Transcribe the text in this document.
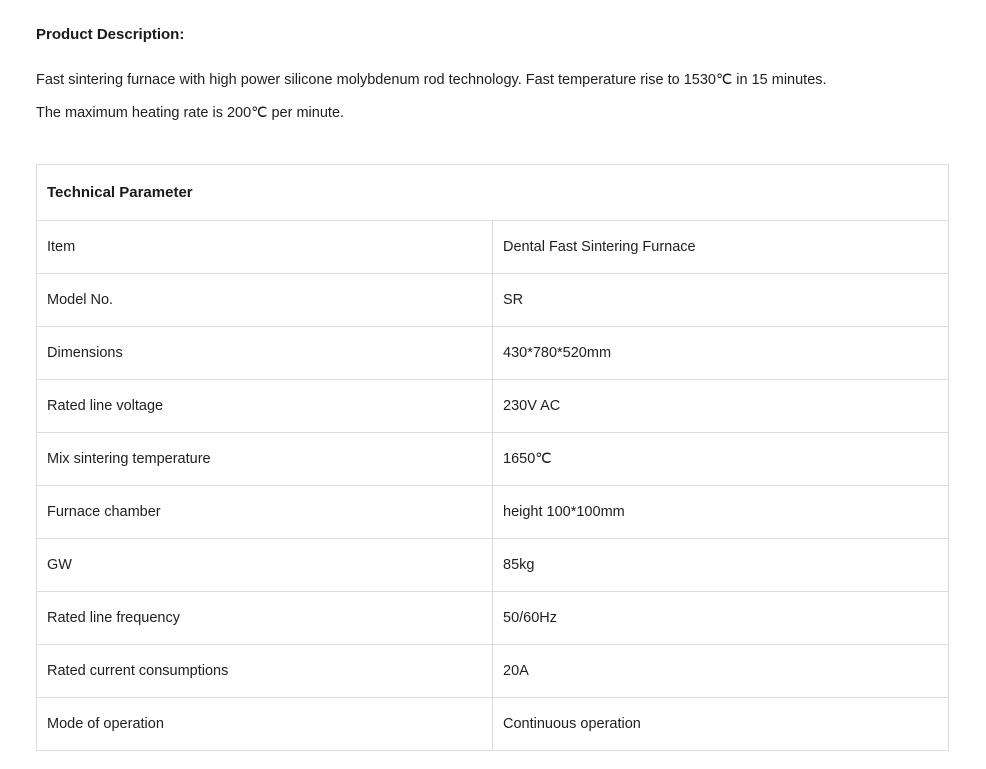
Product Description:

Fast sintering furnace with high power silicone molybdenum rod technology. Fast temperature rise to 1530℃ in 15 minutes.

The maximum heating rate is 200℃ per minute.

Technical Parameter	
Item	Dental Fast Sintering Furnace
Model No.	SR
Dimensions	430*780*520mm
Rated line voltage	230V AC
Mix sintering temperature	1650℃
Furnace chamber	height 100*100mm
GW	85kg
Rated line frequency	50/60Hz
Rated current consumptions	20A
Mode of operation	Continuous operation
